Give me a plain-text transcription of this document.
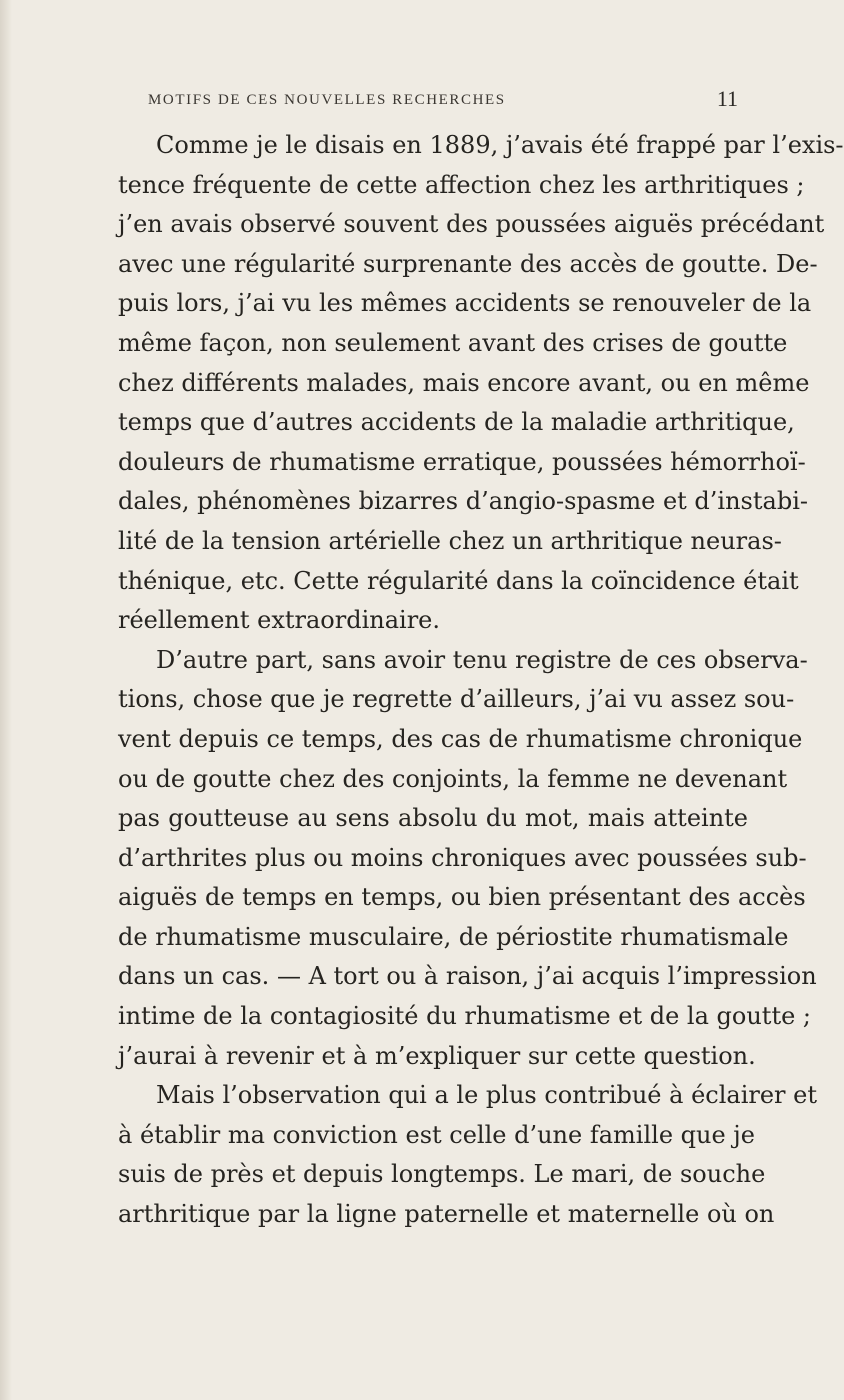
MOTIFS DE CES NOUVELLES RECHERCHES	11
Comme je le disais en 1889, j’avais été frappé par l’exis-
tence fréquente de cette affection chez les arthritiques ;
j’en avais observé souvent des poussées aiguës précédant
avec une régularité surprenante des accès de goutte. De-
puis lors, j’ai vu les mêmes accidents se renouveler de la
même façon, non seulement avant des crises de goutte
chez différents malades, mais encore avant, ou en même
temps que d’autres accidents de la maladie arthritique,
douleurs de rhumatisme erratique, poussées hémorrhoï-
dales, phénomènes bizarres d’angio-spasme et d’instabi-
lité de la tension artérielle chez un arthritique neuras-
thénique, etc. Cette régularité dans la coïncidence était
réellement extraordinaire.
D’autre part, sans avoir tenu registre de ces observa-
tions, chose que je regrette d’ailleurs, j’ai vu assez sou-
vent depuis ce temps, des cas de rhumatisme chronique
ou de goutte chez des conjoints, la femme ne devenant
pas goutteuse au sens absolu du mot, mais atteinte
d’arthrites plus ou moins chroniques avec poussées sub-
aiguës de temps en temps, ou bien présentant des accès
de rhumatisme musculaire, de périostite rhumatismale
dans un cas. — A tort ou à raison, j’ai acquis l’impression
intime de la contagiosité du rhumatisme et de la goutte ;
j’aurai à revenir et à m’expliquer sur cette question.
Mais l’observation qui a le plus contribué à éclairer et
à établir ma conviction est celle d’une famille que je
suis de près et depuis longtemps. Le mari, de souche
arthritique par la ligne paternelle et maternelle où on
